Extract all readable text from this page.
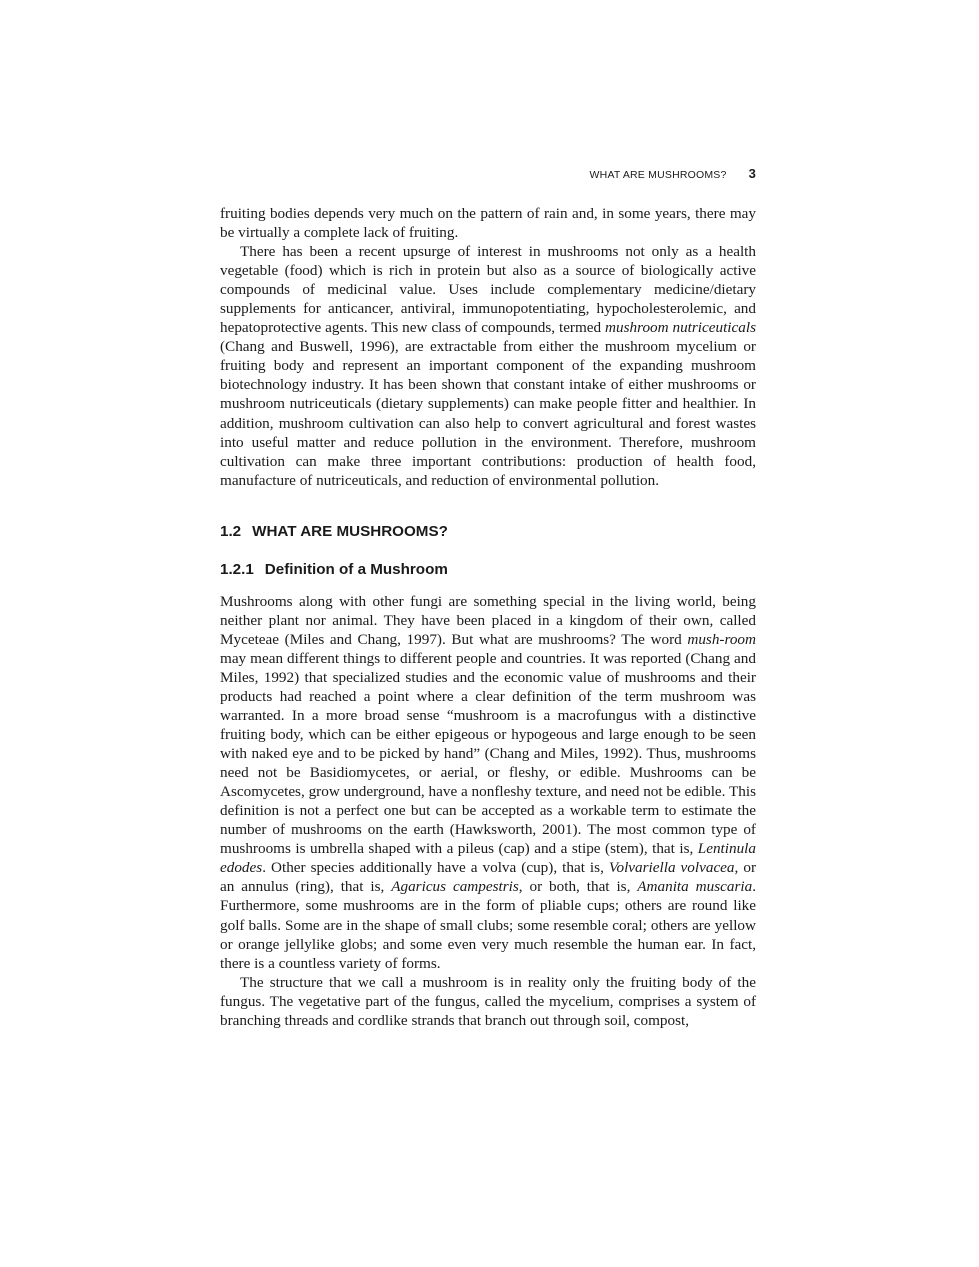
WHAT ARE MUSHROOMS? 3

fruiting bodies depends very much on the pattern of rain and, in some years, there may be virtually a complete lack of fruiting.

There has been a recent upsurge of interest in mushrooms not only as a health vegetable (food) which is rich in protein but also as a source of biologically active compounds of medicinal value. Uses include complementary medicine/dietary supplements for anticancer, antiviral, immunopotentiating, hypocholesterolemic, and hepatoprotective agents. This new class of compounds, termed mushroom nutriceuticals (Chang and Buswell, 1996), are extractable from either the mushroom mycelium or fruiting body and represent an important component of the expanding mushroom biotechnology industry. It has been shown that constant intake of either mushrooms or mushroom nutriceuticals (dietary supplements) can make people fitter and healthier. In addition, mushroom cultivation can also help to convert agricultural and forest wastes into useful matter and reduce pollution in the environment. Therefore, mushroom cultivation can make three important contributions: production of health food, manufacture of nutriceuticals, and reduction of environmental pollution.

1.2 WHAT ARE MUSHROOMS?
1.2.1 Definition of a Mushroom

Mushrooms along with other fungi are something special in the living world, being neither plant nor animal. They have been placed in a kingdom of their own, called Myceteae (Miles and Chang, 1997). But what are mushrooms? The word mush-room may mean different things to different people and countries. It was reported (Chang and Miles, 1992) that specialized studies and the economic value of mushrooms and their products had reached a point where a clear definition of the term mushroom was warranted. In a more broad sense “mushroom is a macrofungus with a distinctive fruiting body, which can be either epigeous or hypogeous and large enough to be seen with naked eye and to be picked by hand” (Chang and Miles, 1992). Thus, mushrooms need not be Basidiomycetes, or aerial, or fleshy, or edible. Mushrooms can be Ascomycetes, grow underground, have a nonfleshy texture, and need not be edible. This definition is not a perfect one but can be accepted as a workable term to estimate the number of mushrooms on the earth (Hawksworth, 2001). The most common type of mushrooms is umbrella shaped with a pileus (cap) and a stipe (stem), that is, Lentinula edodes. Other species additionally have a volva (cup), that is, Volvariella volvacea, or an annulus (ring), that is, Agaricus campestris, or both, that is, Amanita muscaria. Furthermore, some mushrooms are in the form of pliable cups; others are round like golf balls. Some are in the shape of small clubs; some resemble coral; others are yellow or orange jellylike globs; and some even very much resemble the human ear. In fact, there is a countless variety of forms.

The structure that we call a mushroom is in reality only the fruiting body of the fungus. The vegetative part of the fungus, called the mycelium, comprises a system of branching threads and cordlike strands that branch out through soil, compost,
